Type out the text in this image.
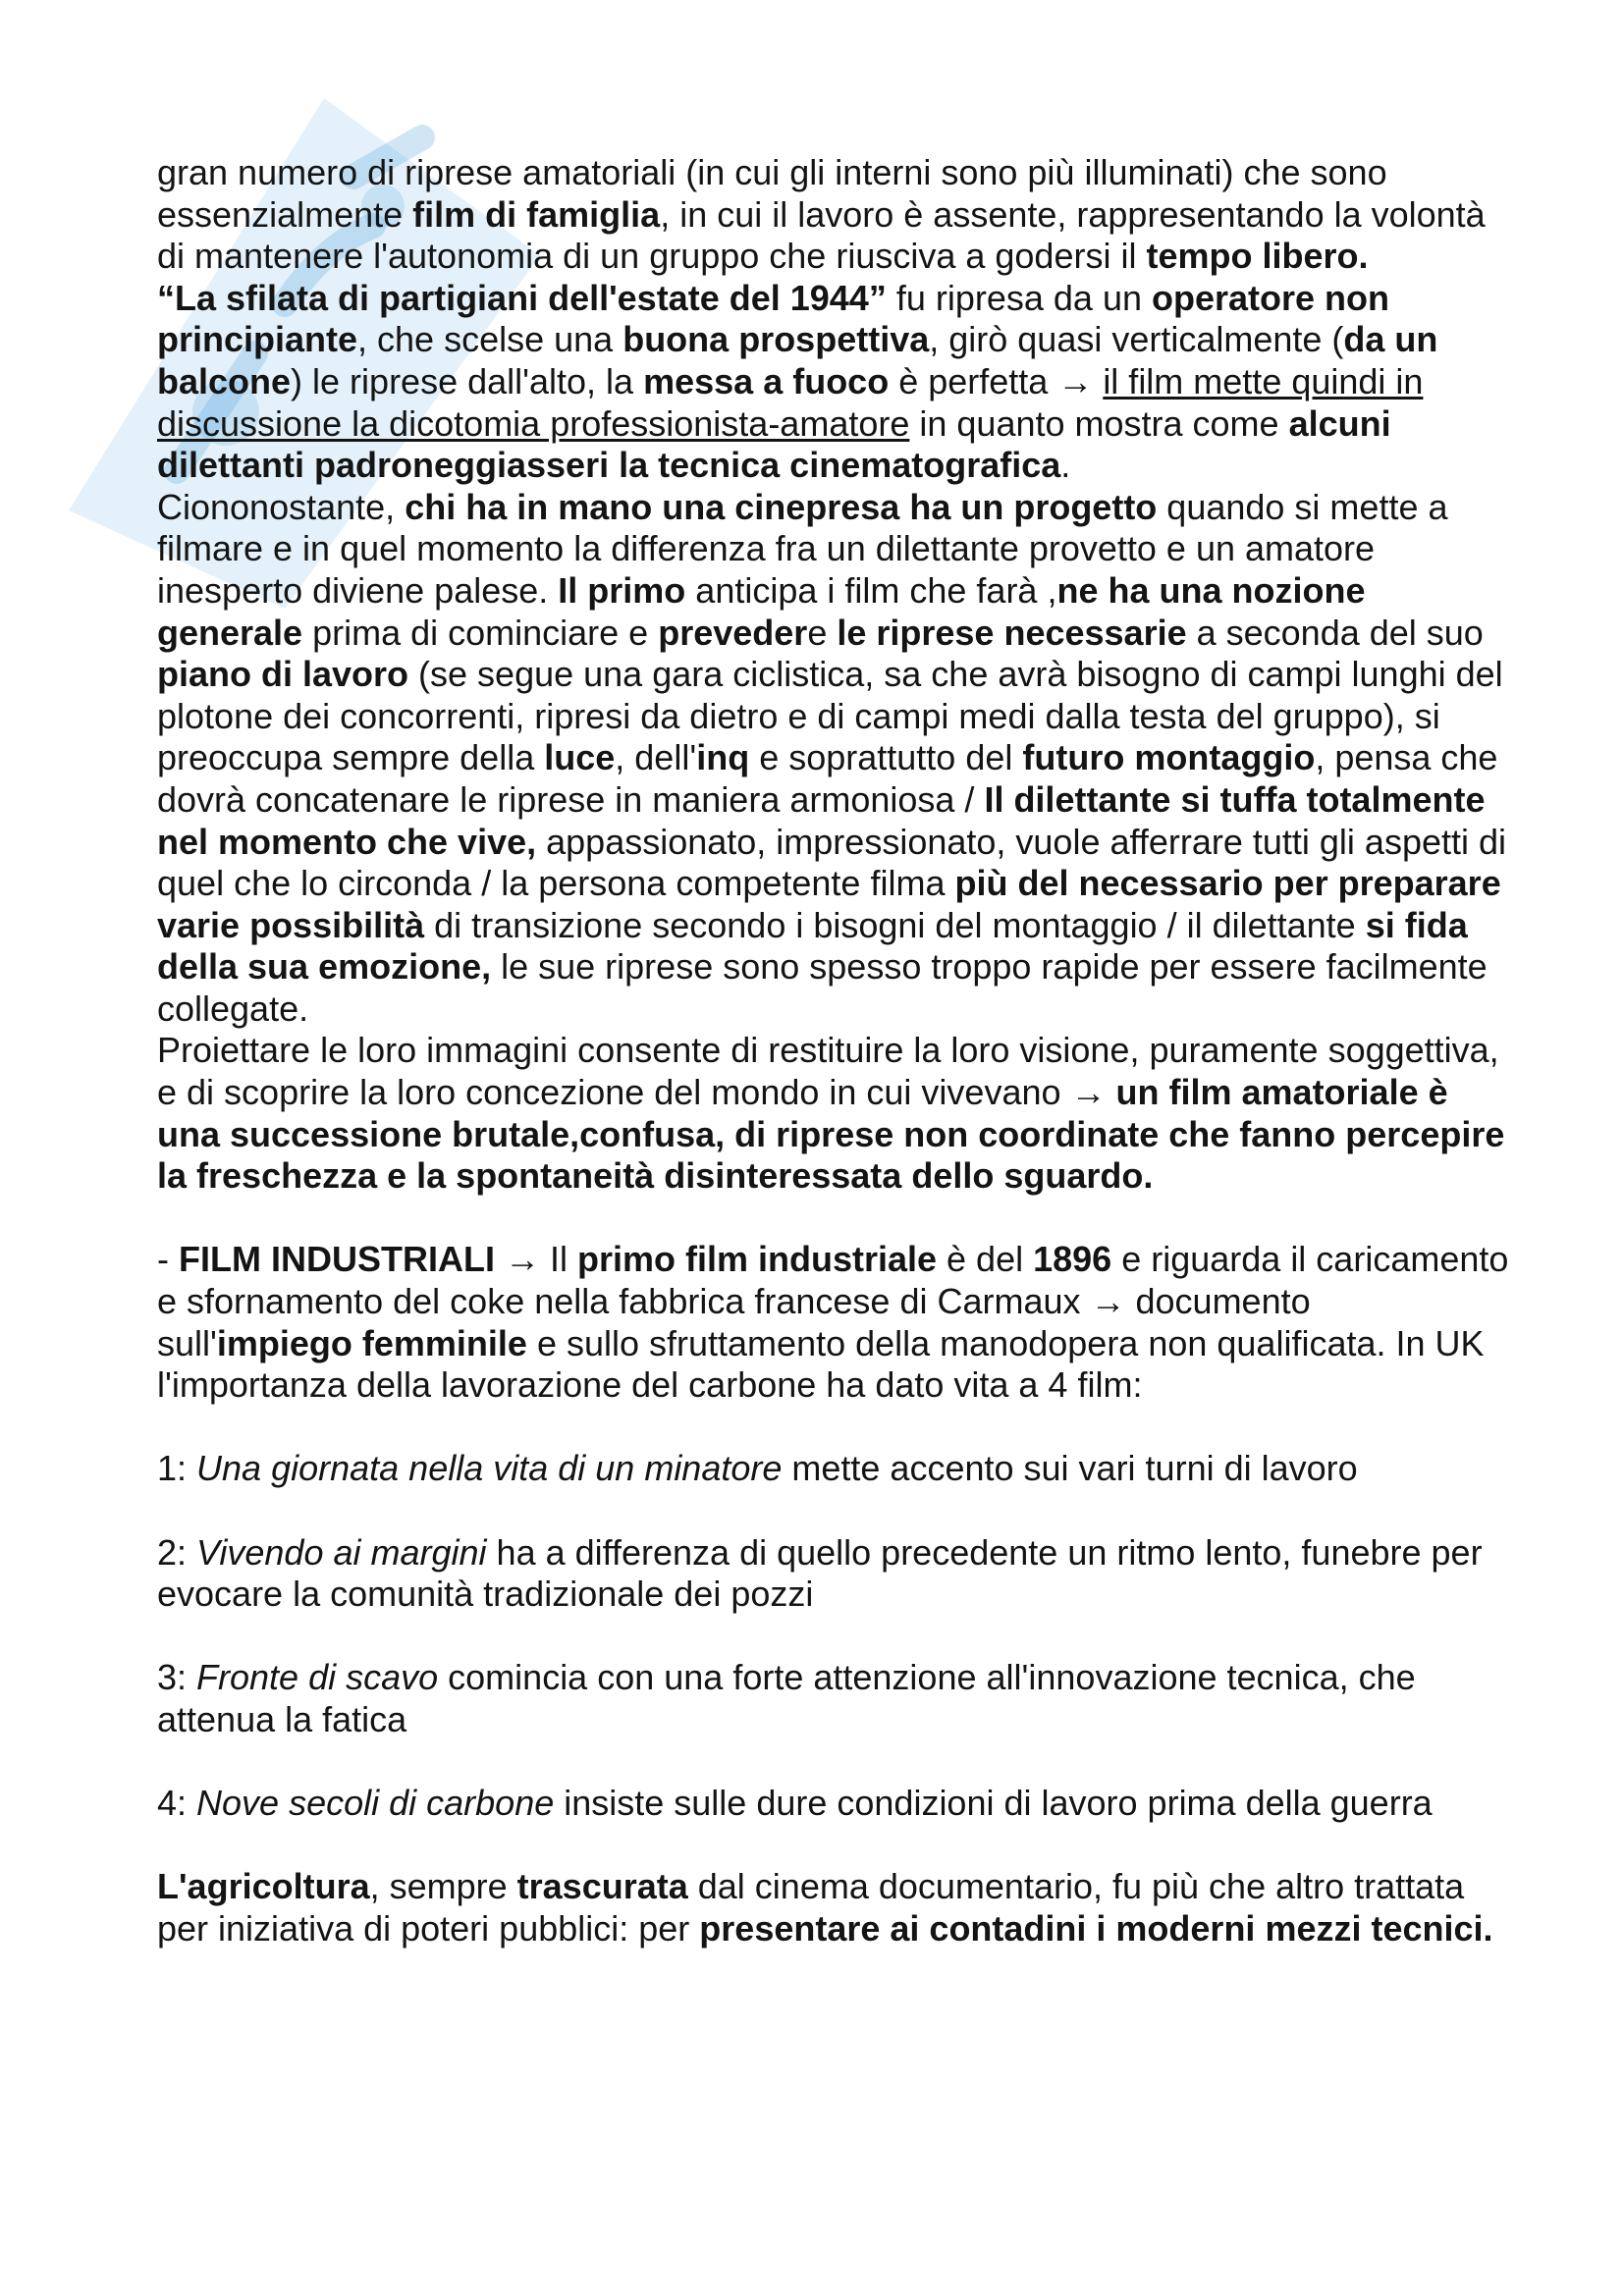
gran numero di riprese amatoriali (in cui gli interni sono più illuminati) che sono essenzialmente film di famiglia, in cui il lavoro è assente, rappresentando la volontà di mantenere l'autonomia di un gruppo che riusciva a godersi il tempo libero.

“La sfilata di partigiani dell'estate del 1944” fu ripresa da un operatore non principiante, che scelse una buona prospettiva, girò quasi verticalmente (da un balcone) le riprese dall'alto, la messa a fuoco è perfetta → il film mette quindi in discussione la dicotomia professionista-amatore in quanto mostra come alcuni dilettanti padroneggiasseri la tecnica cinematografica.

Ciononostante, chi ha in mano una cinepresa ha un progetto quando si mette a filmare e in quel momento la differenza fra un dilettante provetto e un amatore inesperto diviene palese. Il primo anticipa i film che farà ,ne ha una nozione generale prima di cominciare e prevedere le riprese necessarie a seconda del suo piano di lavoro (se segue una gara ciclistica, sa che avrà bisogno di campi lunghi del plotone dei concorrenti, ripresi da dietro e di campi medi dalla testa del gruppo), si preoccupa sempre della luce, dell'inq e soprattutto del futuro montaggio, pensa che dovrà concatenare le riprese in maniera armoniosa / Il dilettante si tuffa totalmente nel momento che vive, appassionato, impressionato, vuole afferrare tutti gli aspetti di quel che lo circonda / la persona competente filma più del necessario per preparare varie possibilità di transizione secondo i bisogni del montaggio / il dilettante si fida della sua emozione, le sue riprese sono spesso troppo rapide per essere facilmente collegate.

Proiettare le loro immagini consente di restituire la loro visione, puramente soggettiva, e di scoprire la loro concezione del mondo in cui vivevano → un film amatoriale è una successione brutale,confusa, di riprese non coordinate che fanno percepire la freschezza e la spontaneità disinteressata dello sguardo.

- FILM INDUSTRIALI → Il primo film industriale è del 1896 e riguarda il caricamento e sfornamento del coke nella fabbrica francese di Carmaux → documento sull'impiego femminile e sullo sfruttamento della manodopera non qualificata. In UK l'importanza della lavorazione del carbone ha dato vita a 4 film:

1: Una giornata nella vita di un minatore mette accento sui vari turni di lavoro

2: Vivendo ai margini ha a differenza di quello precedente un ritmo lento, funebre per evocare la comunità tradizionale dei pozzi

3: Fronte di scavo comincia con una forte attenzione all'innovazione tecnica, che attenua la fatica

4: Nove secoli di carbone insiste sulle dure condizioni di lavoro prima della guerra

L'agricoltura, sempre trascurata dal cinema documentario, fu più che altro trattata per iniziativa di poteri pubblici: per presentare ai contadini i moderni mezzi tecnici.
